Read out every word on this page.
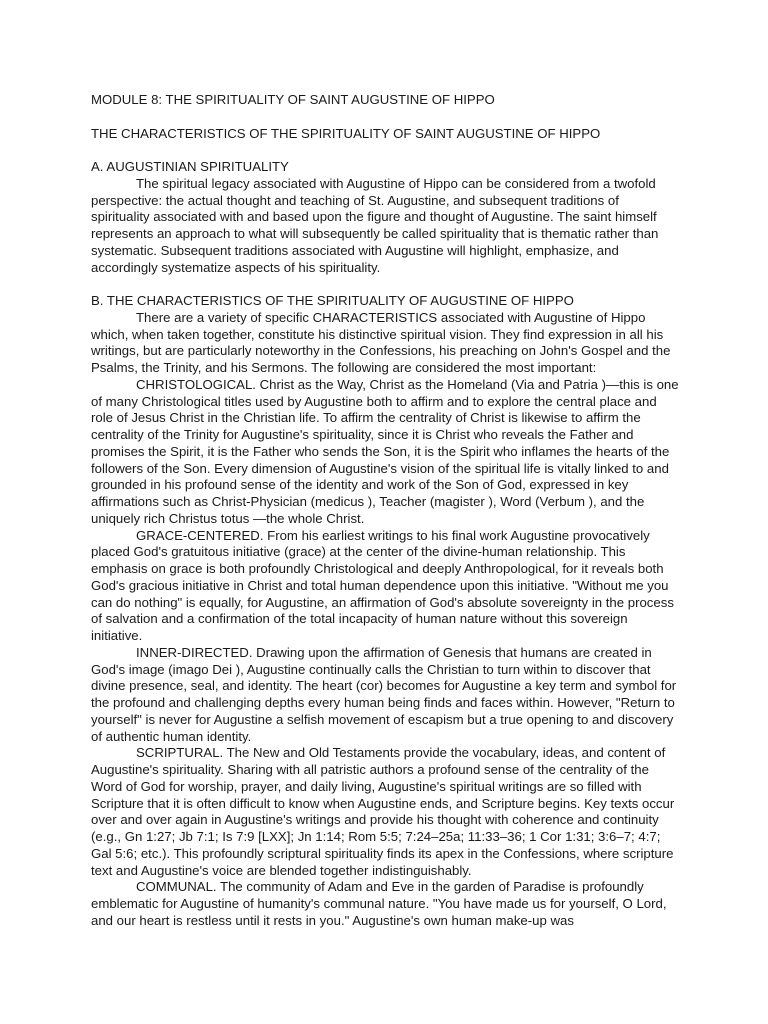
MODULE 8: THE SPIRITUALITY OF SAINT AUGUSTINE OF HIPPO

THE CHARACTERISTICS OF THE SPIRITUALITY OF SAINT AUGUSTINE OF HIPPO

A. AUGUSTINIAN SPIRITUALITY

The spiritual legacy associated with Augustine of Hippo can be considered from a twofold perspective: the actual thought and teaching of St. Augustine, and subsequent traditions of spirituality associated with and based upon the figure and thought of Augustine. The saint himself represents an approach to what will subsequently be called spirituality that is thematic rather than systematic. Subsequent traditions associated with Augustine will highlight, emphasize, and accordingly systematize aspects of his spirituality.

B. THE CHARACTERISTICS OF THE SPIRITUALITY OF AUGUSTINE OF HIPPO

There are a variety of specific CHARACTERISTICS associated with Augustine of Hippo which, when taken together, constitute his distinctive spiritual vision. They find expression in all his writings, but are particularly noteworthy in the Confessions, his preaching on John's Gospel and the Psalms, the Trinity, and his Sermons. The following are considered the most important:

CHRISTOLOGICAL. Christ as the Way, Christ as the Homeland (Via and Patria )—this is one of many Christological titles used by Augustine both to affirm and to explore the central place and role of Jesus Christ in the Christian life. To affirm the centrality of Christ is likewise to affirm the centrality of the Trinity for Augustine's spirituality, since it is Christ who reveals the Father and promises the Spirit, it is the Father who sends the Son, it is the Spirit who inflames the hearts of the followers of the Son. Every dimension of Augustine's vision of the spiritual life is vitally linked to and grounded in his profound sense of the identity and work of the Son of God, expressed in key affirmations such as Christ-Physician (medicus ), Teacher (magister ), Word (Verbum ), and the uniquely rich Christus totus —the whole Christ.

GRACE-CENTERED. From his earliest writings to his final work Augustine provocatively placed God's gratuitous initiative (grace) at the center of the divine-human relationship. This emphasis on grace is both profoundly Christological and deeply Anthropological, for it reveals both God's gracious initiative in Christ and total human dependence upon this initiative. "Without me you can do nothing" is equally, for Augustine, an affirmation of God's absolute sovereignty in the process of salvation and a confirmation of the total incapacity of human nature without this sovereign initiative.

INNER-DIRECTED. Drawing upon the affirmation of Genesis that humans are created in God's image (imago Dei ), Augustine continually calls the Christian to turn within to discover that divine presence, seal, and identity. The heart (cor) becomes for Augustine a key term and symbol for the profound and challenging depths every human being finds and faces within. However, "Return to yourself" is never for Augustine a selfish movement of escapism but a true opening to and discovery of authentic human identity.

SCRIPTURAL. The New and Old Testaments provide the vocabulary, ideas, and content of Augustine's spirituality. Sharing with all patristic authors a profound sense of the centrality of the Word of God for worship, prayer, and daily living, Augustine's spiritual writings are so filled with Scripture that it is often difficult to know when Augustine ends, and Scripture begins. Key texts occur over and over again in Augustine's writings and provide his thought with coherence and continuity (e.g., Gn 1:27; Jb 7:1; Is 7:9 [LXX]; Jn 1:14; Rom 5:5; 7:24–25a; 11:33–36; 1 Cor 1:31; 3:6–7; 4:7; Gal 5:6; etc.). This profoundly scriptural spirituality finds its apex in the Confessions, where scripture text and Augustine's voice are blended together indistinguishably.

COMMUNAL. The community of Adam and Eve in the garden of Paradise is profoundly emblematic for Augustine of humanity's communal nature. "You have made us for yourself, O Lord, and our heart is restless until it rests in you." Augustine's own human make-up was
